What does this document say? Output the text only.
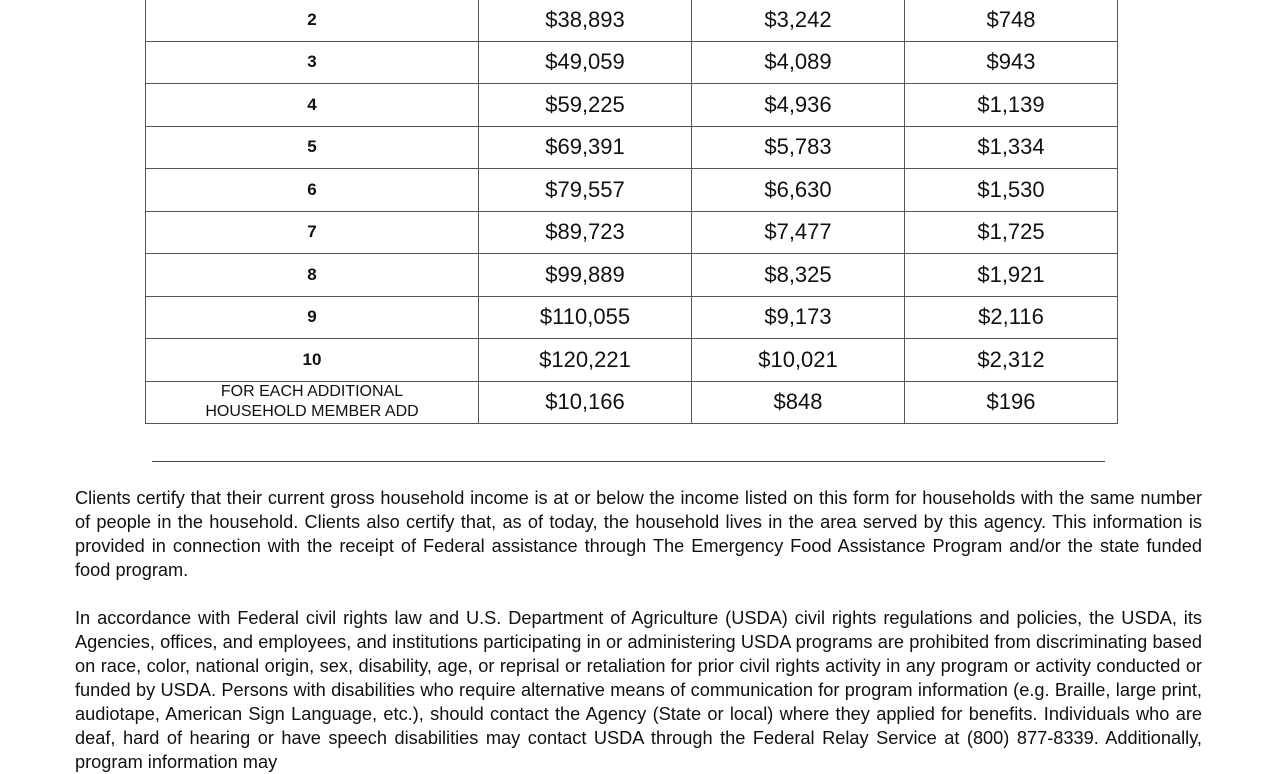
2	$38,893	$3,242	$748
3	$49,059	$4,089	$943
4	$59,225	$4,936	$1,139
5	$69,391	$5,783	$1,334
6	$79,557	$6,630	$1,530
7	$89,723	$7,477	$1,725
8	$99,889	$8,325	$1,921
9	$110,055	$9,173	$2,116
10	$120,221	$10,021	$2,312
FOR EACH ADDITIONAL
HOUSEHOLD MEMBER ADD	$10,166	$848	$196

Clients certify that their current gross household income is at or below the income listed on this form for households with the same number of people in the household. Clients also certify that, as of today, the household lives in the area served by this agency. This information is provided in connection with the receipt of Federal assistance through The Emergency Food Assistance Program and/or the state funded food program.

In accordance with Federal civil rights law and U.S. Department of Agriculture (USDA) civil rights regulations and policies, the USDA, its Agencies, offices, and employees, and institutions participating in or administering USDA programs are prohibited from discriminating based on race, color, national origin, sex, disability, age, or reprisal or retaliation for prior civil rights activity in any program or activity conducted or funded by USDA. Persons with disabilities who require alternative means of communication for program information (e.g. Braille, large print, audiotape, American Sign Language, etc.), should contact the Agency (State or local) where they applied for benefits. Individuals who are deaf, hard of hearing or have speech disabilities may contact USDA through the Federal Relay Service at (800) 877-8339. Additionally, program information may
